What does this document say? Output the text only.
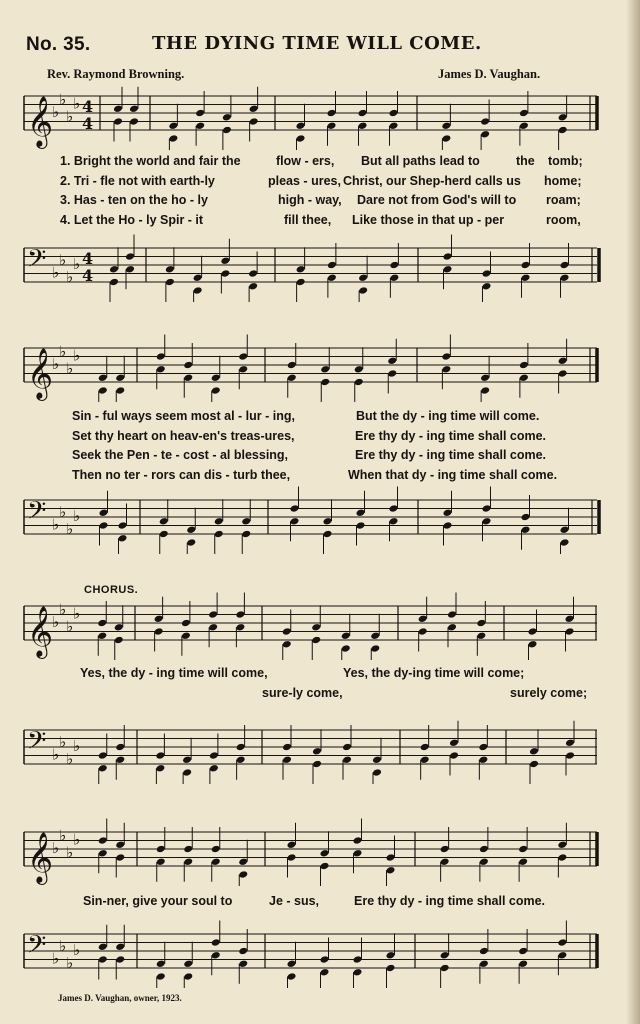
No. 35.	THE DYING TIME WILL COME.
Rev. Raymond Browning.	James D. Vaughan.
𝄞
♭
♭
♭
♭ 4
4
1. Bright the world and fair the	flow - ers, But all paths lead to	the tomb;
2. Tri - fle not with earth-ly	pleas - ures, Christ, our Shep-herd calls us home;
3. Has - ten on the ho - ly	high - way, Dare not from God's will to roam;
4. Let the Ho - ly Spir - it	fill thee, Like those in that up - per	room,
𝄢 ♭
♭
♭
♭ 4
4
𝄞
♭
♭
♭
♭
Sin - ful ways seem most al - lur - ing,	But the dy - ing time will come.
Set thy heart on heav-en's treas-ures,	Ere thy dy - ing time shall come.
Seek the Pen - te - cost - al blessing,	Ere thy dy - ing time shall come.
Then no ter - rors can dis - turb thee,	When that dy - ing time shall come.
𝄢 ♭
♭
♭
♭
CHORUS.
𝄞
♭
♭
♭
♭
Yes, the dy - ing time will come,	Yes, the dy-ing time will come;
sure-ly come,	surely come;
𝄢 ♭
♭
♭
♭
𝄞
♭
♭
♭
♭
Sin-ner, give your soul to	Je - sus,	Ere thy dy - ing time shall come.
𝄢 ♭
♭
♭
♭
James D. Vaughan, owner, 1923.
